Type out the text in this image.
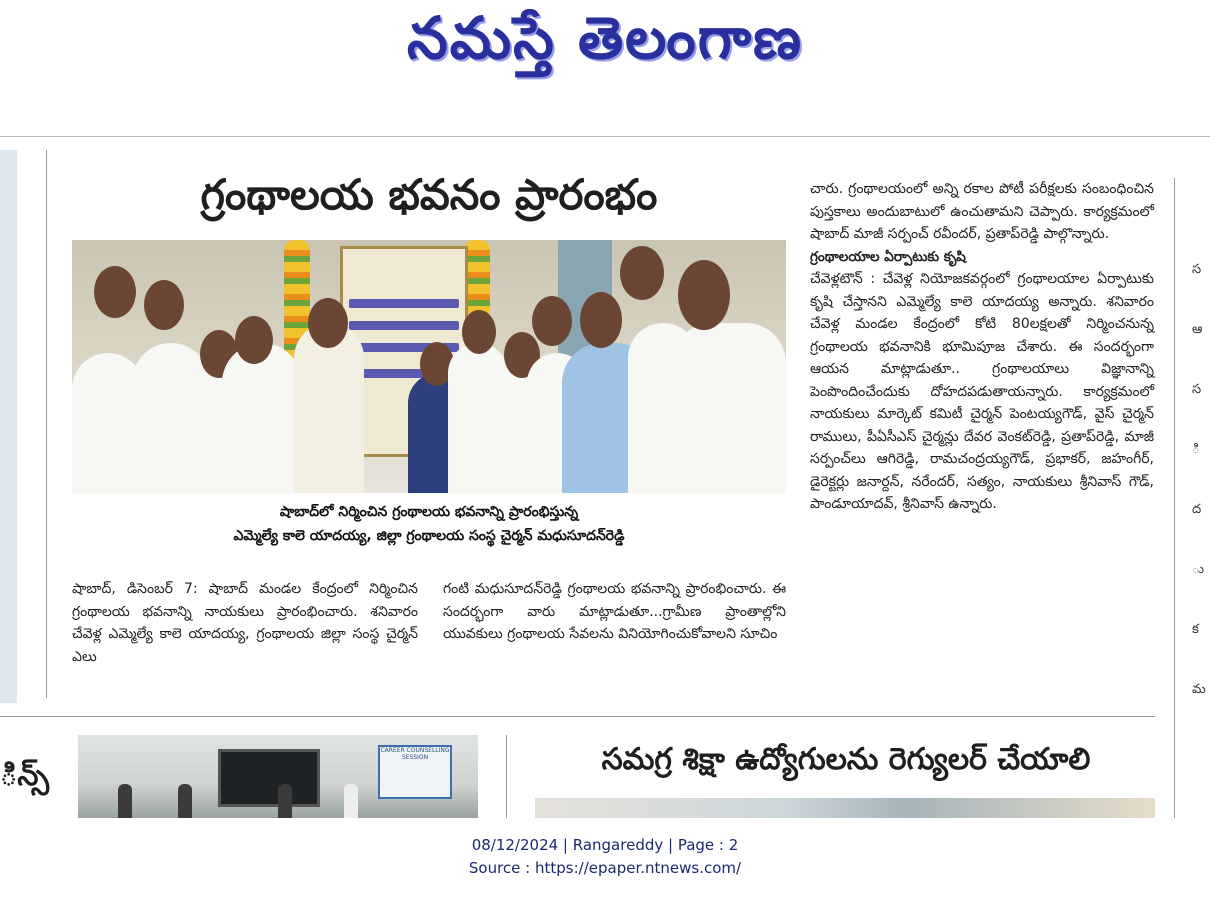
నమస్తే తెలంగాణ
గ్రంథాలయ భవనం ప్రారంభం
షాబాద్‌లో నిర్మించిన గ్రంథాలయ భవనాన్ని ప్రారంభిస్తున్న
ఎమ్మెల్యే కాలె యాదయ్య, జిల్లా గ్రంథాలయ సంస్థ చైర్మన్ మధుసూదన్‌రెడ్డి
షాబాద్, డిసెంబర్ 7: షాబాద్ మండల కేంద్రంలో నిర్మించిన గ్రంథాలయ భవనాన్ని నాయకులు ప్రారంభించారు. శనివారం చేవెళ్ల ఎమ్మెల్యే కాలె యాదయ్య, గ్రంథాలయ జిల్లా సంస్థ చైర్మన్ ఎలు
గంటి మధుసూదన్‌రెడ్డి గ్రంథాలయ భవనాన్ని ప్రారంభించారు. ఈ సందర్భంగా వారు మాట్లాడుతూ...గ్రామీణ ప్రాంతాల్లోని యువకులు గ్రంథాలయ సేవలను వినియోగించుకోవాలని సూచిం
చారు. గ్రంథాలయంలో అన్ని రకాల పోటీ పరీక్షలకు సంబంధించిన పుస్తకాలు అందుబాటులో ఉంచుతామని చెప్పారు. కార్యక్రమంలో షాబాద్ మాజీ సర్పంచ్ రవీందర్, ప్రతాప్‌రెడ్డి పాల్గొన్నారు.
గ్రంథాలయాల ఏర్పాటుకు కృషి
చేవెళ్లటౌన్ : చేవెళ్ల నియోజకవర్గంలో గ్రంథాలయాల ఏర్పాటుకు కృషి చేస్తానని ఎమ్మెల్యే కాలె యాదయ్య అన్నారు. శనివారం చేవెళ్ల మండల కేంద్రంలో కోటి 80లక్షలతో నిర్మించనున్న గ్రంథాలయ భవనానికి భూమిపూజ చేశారు. ఈ సందర్భంగా ఆయన మాట్లాడుతూ.. గ్రంథాలయాలు విజ్ఞానాన్ని పెంపొందించేందుకు దోహదపడుతాయన్నారు. కార్యక్రమంలో నాయకులు మార్కెట్ కమిటీ చైర్మన్ పెంటయ్యగౌడ్, వైస్ చైర్మన్ రాములు, పీఏసీఎస్ చైర్మన్లు దేవర వెంకట్‌రెడ్డి, ప్రతాప్‌రెడ్డి, మాజీ సర్పంచ్‌లు ఆగిరెడ్డి, రామచంద్రయ్యగౌడ్, ప్రభాకర్, జహంగీర్, డైరెక్టర్లు జనార్దన్, నరేందర్, సత్యం, నాయకులు శ్రీనివాస్ గౌడ్, పాండూయాదవ్, శ్రీనివాస్ ఉన్నారు.
స
ఆ
స
ి
ద
ు
క
మ
ిన్స్
CAREER COUNSELLING SESSION	సమగ్ర శిక్షా ఉద్యోగులను రెగ్యులర్ చేయాలి
08/12/2024 | Rangareddy | Page : 2
Source : https://epaper.ntnews.com/
